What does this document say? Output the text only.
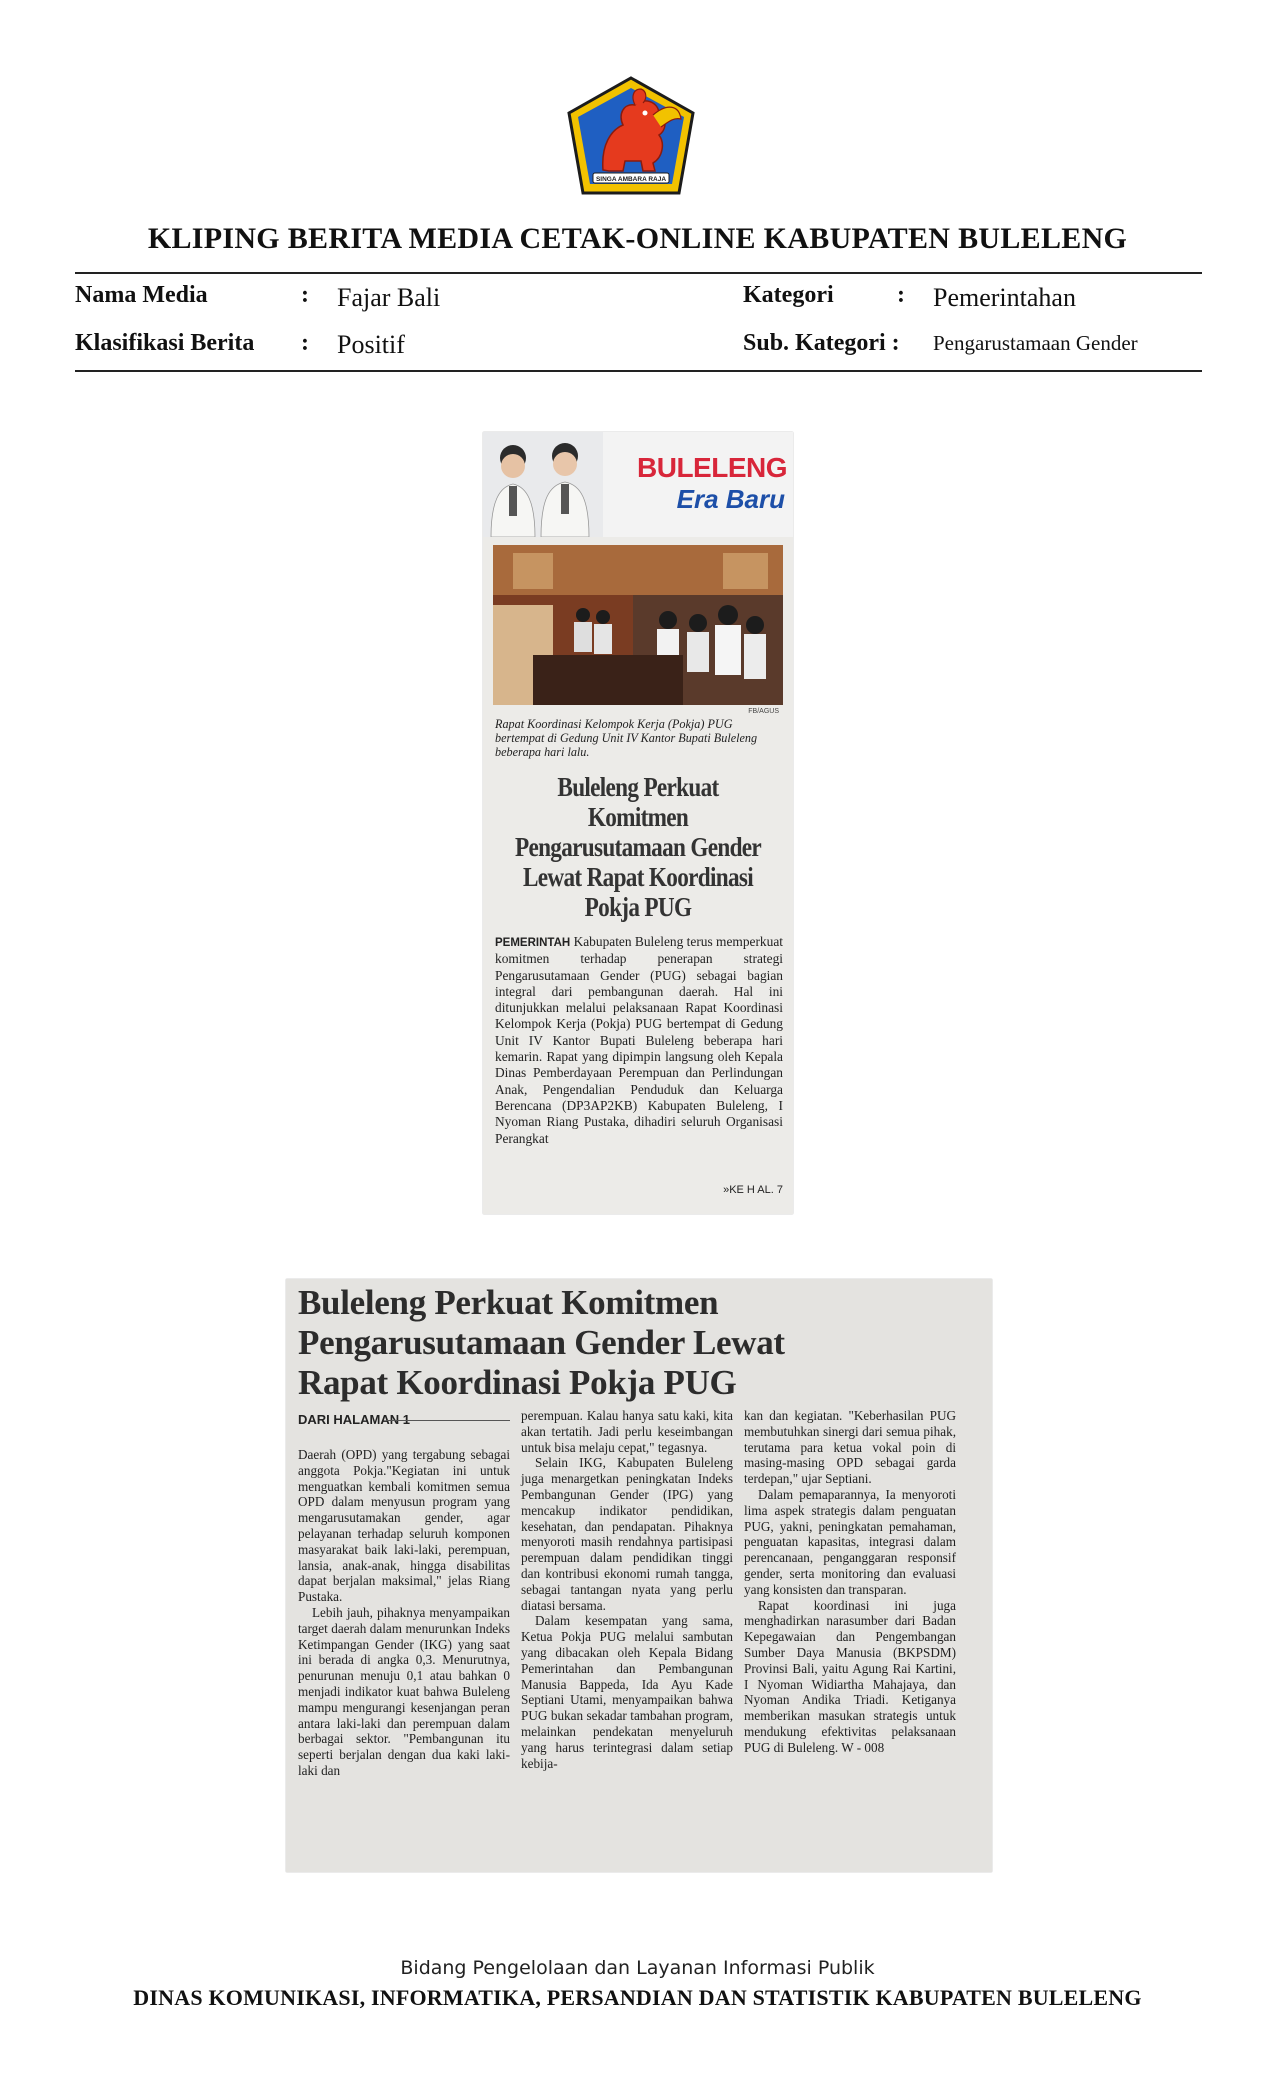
SINGA AMBARA RAJA
KLIPING BERITA MEDIA CETAK-ONLINE KABUPATEN BULELENG
Nama Media	: Fajar Bali	Kategori	: Pemerintahan
Klasifikasi Berita : Positif	Sub. Kategori : Pengarustamaan Gender
BULELENG
Era Baru
FB/AGUS
Rapat Koordinasi Kelompok Kerja (Pokja) PUG bertempat di Gedung Unit IV Kantor Bupati Buleleng beberapa hari lalu.
Buleleng Perkuat Komitmen Pengarusutamaan Gender Lewat Rapat Koordinasi Pokja PUG
PEMERINTAH Kabupaten Buleleng terus memperkuat komitmen terhadap penerapan strategi Pengarusutamaan Gender (PUG) sebagai bagian integral dari pembangunan daerah. Hal ini ditunjukkan melalui pelaksanaan Rapat Koordinasi Kelompok Kerja (Pokja) PUG bertempat di Gedung Unit IV Kantor Bupati Buleleng beberapa hari kemarin. Rapat yang dipimpin langsung oleh Kepala Dinas Pemberdayaan Perempuan dan Perlindungan Anak, Pengendalian Penduduk dan Keluarga Berencana (DP3AP2KB) Kabupaten Buleleng, I Nyoman Riang Pustaka, dihadiri seluruh Organisasi Perangkat
»KE H AL. 7
Buleleng Perkuat Komitmen
Pengarusutamaan Gender Lewat
Rapat Koordinasi Pokja PUG
DARI HALAMAN 1

Daerah (OPD) yang tergabung sebagai anggota Pokja."Kegiatan ini untuk menguatkan kembali komitmen semua OPD dalam menyusun program yang mengarusutamakan gender, agar pelayanan terhadap seluruh komponen masyarakat baik laki-laki, perempuan, lansia, anak-anak, hingga disabilitas dapat berjalan maksimal," jelas Riang Pustaka.

Lebih jauh, pihaknya menyampaikan target daerah dalam menurunkan Indeks Ketimpangan Gender (IKG) yang saat ini berada di angka 0,3. Menurutnya, penurunan menuju 0,1 atau bahkan 0 menjadi indikator kuat bahwa Buleleng mampu mengurangi kesenjangan peran antara laki-laki dan perempuan dalam berbagai sektor. "Pembangunan itu seperti berjalan dengan dua kaki laki-laki dan

perempuan. Kalau hanya satu kaki, kita akan tertatih. Jadi perlu keseimbangan untuk bisa melaju cepat," tegasnya.

Selain IKG, Kabupaten Buleleng juga menargetkan peningkatan Indeks Pembangunan Gender (IPG) yang mencakup indikator pendidikan, kesehatan, dan pendapatan. Pihaknya menyoroti masih rendahnya partisipasi perempuan dalam pendidikan tinggi dan kontribusi ekonomi rumah tangga, sebagai tantangan nyata yang perlu diatasi bersama.

Dalam kesempatan yang sama, Ketua Pokja PUG melalui sambutan yang dibacakan oleh Kepala Bidang Pemerintahan dan Pembangunan Manusia Bappeda, Ida Ayu Kade Septiani Utami, menyampaikan bahwa PUG bukan sekadar tambahan program, melainkan pendekatan menyeluruh yang harus terintegrasi dalam setiap kebija-

kan dan kegiatan. "Keberhasilan PUG membutuhkan sinergi dari semua pihak, terutama para ketua vokal poin di masing-masing OPD sebagai garda terdepan," ujar Septiani.

Dalam pemaparannya, Ia menyoroti lima aspek strategis dalam penguatan PUG, yakni, peningkatan pemahaman, penguatan kapasitas, integrasi dalam perencanaan, penganggaran responsif gender, serta monitoring dan evaluasi yang konsisten dan transparan.

Rapat koordinasi ini juga menghadirkan narasumber dari Badan Kepegawaian dan Pengembangan Sumber Daya Manusia (BKPSDM) Provinsi Bali, yaitu Agung Rai Kartini, I Nyoman Widiartha Mahajaya, dan Nyoman Andika Triadi. Ketiganya memberikan masukan strategis untuk mendukung efektivitas pelaksanaan PUG di Buleleng. W - 008

Bidang Pengelolaan dan Layanan Informasi Publik
DINAS KOMUNIKASI, INFORMATIKA, PERSANDIAN DAN STATISTIK KABUPATEN BULELENG
